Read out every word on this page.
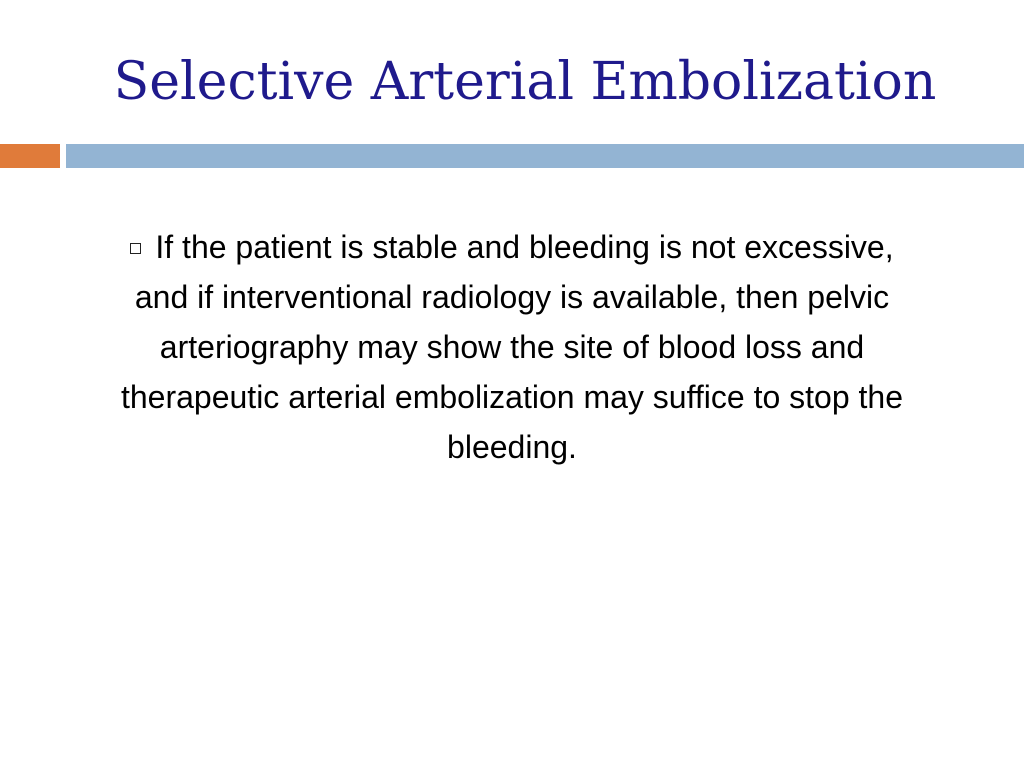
Selective Arterial Embolization
If the patient is stable and bleeding is not excessive, and if interventional radiology is available, then pelvic arteriography may show the site of blood loss and therapeutic arterial embolization may suffice to stop the bleeding.
